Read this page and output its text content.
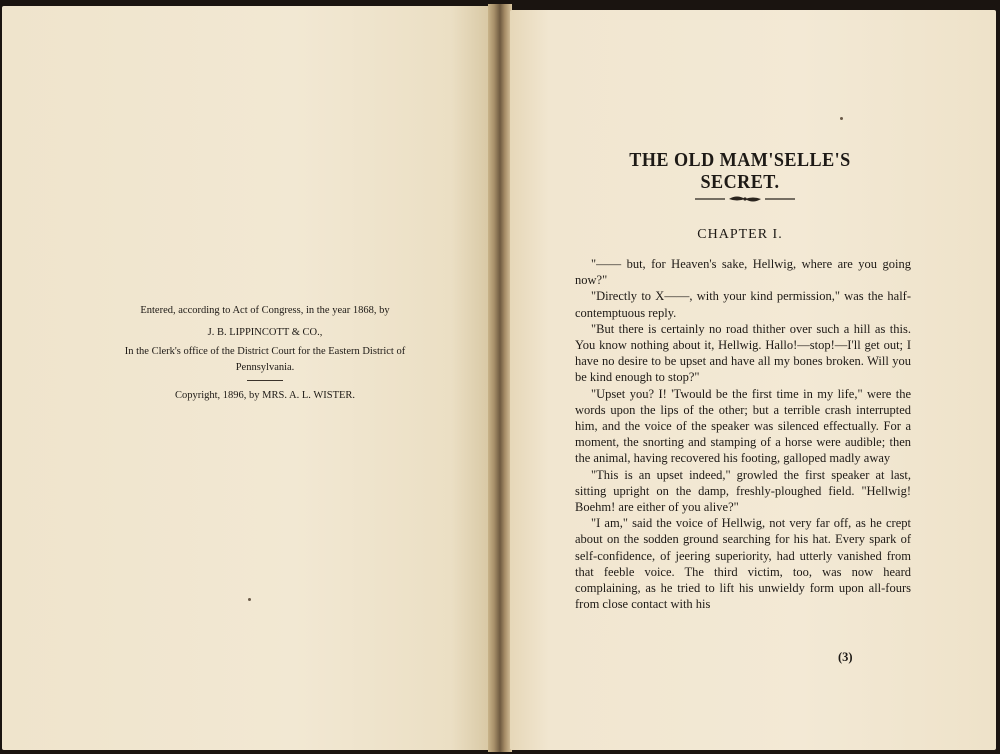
Entered, according to Act of Congress, in the year 1868, by
J. B. LIPPINCOTT & CO.,
In the Clerk's office of the District Court for the Eastern District of Pennsylvania.
Copyright, 1896, by MRS. A. L. WISTER.
THE OLD MAM'SELLE'S SECRET.
CHAPTER I.

"—— but, for Heaven's sake, Hellwig, where are you going now?"

"Directly to X——, with your kind permission," was the half-contemptuous reply.

"But there is certainly no road thither over such a hill as this. You know nothing about it, Hellwig. Hallo!—stop!—I'll get out; I have no desire to be upset and have all my bones broken. Will you be kind enough to stop?"

"Upset you? I! 'Twould be the first time in my life," were the words upon the lips of the other; but a terrible crash interrupted him, and the voice of the speaker was silenced effectually. For a moment, the snorting and stamping of a horse were audible; then the animal, having recovered his footing, galloped madly away

"This is an upset indeed," growled the first speaker at last, sitting upright on the damp, freshly-ploughed field. "Hellwig! Boehm! are either of you alive?"

"I am," said the voice of Hellwig, not very far off, as he crept about on the sodden ground searching for his hat. Every spark of self-confidence, of jeering superiority, had utterly vanished from that feeble voice. The third victim, too, was now heard complaining, as he tried to lift his unwieldy form upon all-fours from close contact with his

(3)
